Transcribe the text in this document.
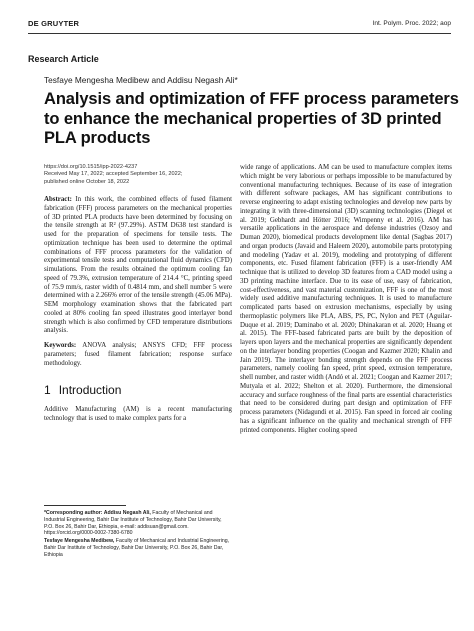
DE GRUYTER	Int. Polym. Proc. 2022; aop
Research Article
Tesfaye Mengesha Medibew and Addisu Negash Ali*
Analysis and optimization of FFF process parameters to enhance the mechanical properties of 3D printed PLA products
https://doi.org/10.1515/ipp-2022-4237
Received May 17, 2022; accepted September 16, 2022;
published online October 18, 2022
Abstract: In this work, the combined effects of fused filament fabrication (FFF) process parameters on the mechanical properties of 3D printed PLA products have been determined by focusing on the tensile strength at R² (97.29%). ASTM D638 test standard is used for the preparation of specimens for tensile tests. The optimization technique has been used to determine the optimal combinations of FFF process parameters for the validation of experimental tensile tests and computational fluid dynamics (CFD) simulations. From the results obtained the optimum cooling fan speed of 79.3%, extrusion temperature of 214.4 °C, printing speed of 75.9 mm/s, raster width of 0.4814 mm, and shell number 5 were determined with a 2.266% error of the tensile strength (45.06 MPa). SEM morphology examination shows that the fabricated part cooled at 80% cooling fan speed illustrates good interlayer bond strength which is also confirmed by CFD temperature distributions analysis.
Keywords: ANOVA analysis; ANSYS CFD; FFF process parameters; fused filament fabrication; response surface methodology.
1 Introduction
Additive Manufacturing (AM) is a recent manufacturing technology that is used to make complex parts for a

*Corresponding author: Addisu Negash Ali, Faculty of Mechanical and Industrial Engineering, Bahir Dar Institute of Technology, Bahir Dar University, P.O. Box 26, Bahir Dar, Ethiopia, e-mail: addisuan@gmail.com. https://orcid.org/0000-0002-7380-6780

Tesfaye Mengesha Medibew, Faculty of Mechanical and Industrial Engineering, Bahir Dar Institute of Technology, Bahir Dar University, P.O. Box 26, Bahir Dar, Ethiopia

wide range of applications. AM can be used to manufacture complex items which might be very laborious or perhaps impossible to be manufactured by conventional manufacturing techniques. Because of its ease of integration with different software packages, AM has significant contributions to reverse engineering to adapt existing technologies and develop new parts by integrating it with three-dimensional (3D) scanning technologies (Diegel et al. 2019; Gebhardt and Hötter 2016; Wimpenny et al. 2016). AM has versatile applications in the aerospace and defense industries (Ozsoy and Duman 2020), biomedical products development like dental (Sagbas 2017) and organ products (Javaid and Haleem 2020), automobile parts prototyping and modeling (Yadav et al. 2019), modeling and prototyping of different components, etc. Fused filament fabrication (FFF) is a user-friendly AM technique that is utilized to develop 3D features from a CAD model using a 3D printing machine interface. Due to its ease of use, easy of fabrication, cost-effectiveness, and vast material customization, FFF is one of the most widely used additive manufacturing techniques. It is used to manufacture complicated parts based on extrusion mechanisms, especially by using thermoplastic polymers like PLA, ABS, PS, PC, Nylon and PET (Aguilar-Duque et al. 2019; Daminabo et al. 2020; Dhinakaran et al. 2020; Huang et al. 2015). The FFF-based fabricated parts are built by the deposition of layers upon layers and the mechanical properties are significantly dependent on the interlayer bonding properties (Coogan and Kazmer 2020; Khalin and Jain 2019). The interlayer bonding strength depends on the FFF process parameters, namely cooling fan speed, print speed, extrusion temperature, shell number, and raster width (Andó et al. 2021; Coogan and Kazmer 2017; Mutyala et al. 2022; Shelton et al. 2020). Furthermore, the dimensional accuracy and surface roughness of the final parts are essential characteristics that need to be considered during part design and optimization of FFF process parameters (Nidagundi et al. 2015). Fan speed in forced air cooling has a significant influence on the quality and mechanical strength of FFF printed components. Higher cooling speed
